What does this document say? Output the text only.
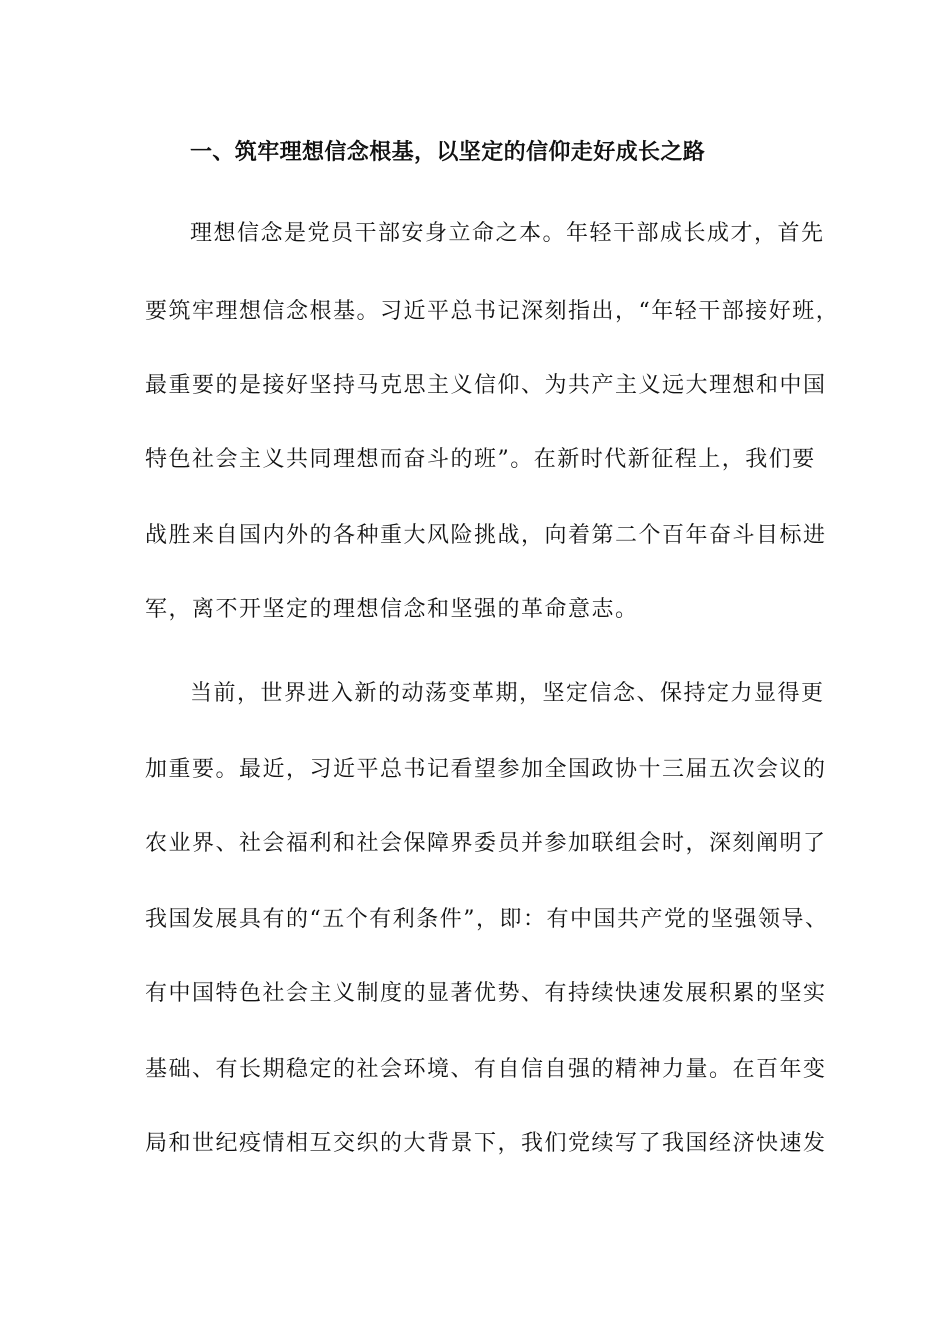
一、筑牢理想信念根基，以坚定的信仰走好成长之路

理想信念是党员干部安身立命之本。年轻干部成长成才，首先

要筑牢理想信念根基。习近平总书记深刻指出，“年轻干部接好班，

最重要的是接好坚持马克思主义信仰、为共产主义远大理想和中国

特色社会主义共同理想而奋斗的班”。在新时代新征程上，我们要

战胜来自国内外的各种重大风险挑战，向着第二个百年奋斗目标进

军，离不开坚定的理想信念和坚强的革命意志。

当前，世界进入新的动荡变革期，坚定信念、保持定力显得更

加重要。最近，习近平总书记看望参加全国政协十三届五次会议的

农业界、社会福利和社会保障界委员并参加联组会时，深刻阐明了

我国发展具有的“五个有利条件”，即：有中国共产党的坚强领导、

有中国特色社会主义制度的显著优势、有持续快速发展积累的坚实

基础、有长期稳定的社会环境、有自信自强的精神力量。在百年变

局和世纪疫情相互交织的大背景下，我们党续写了我国经济快速发
